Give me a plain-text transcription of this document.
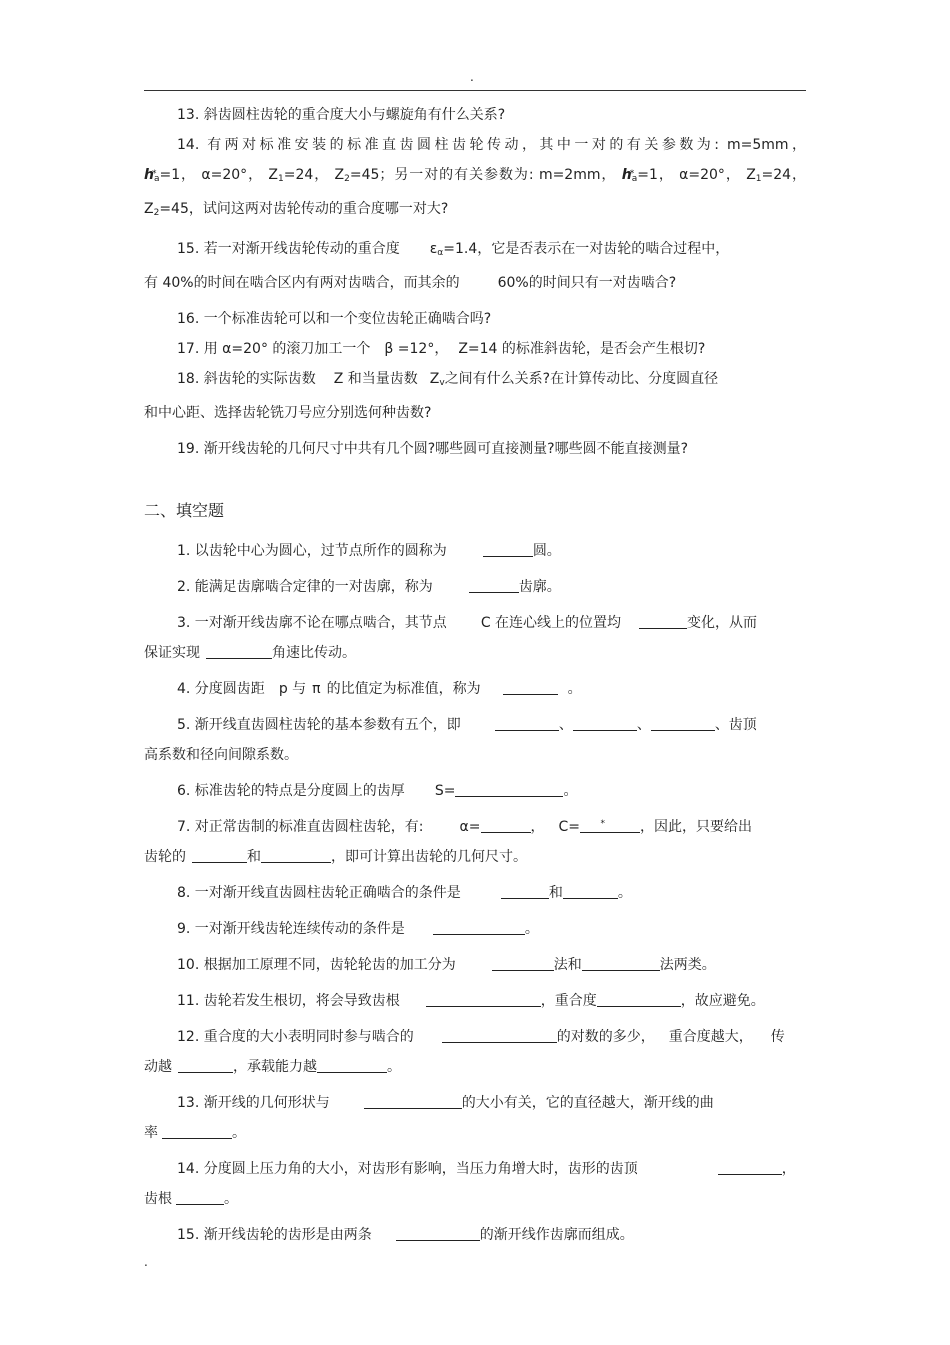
.

13. 斜齿圆柱齿轮的重合度大小与螺旋角有什么关系?

14. 有两对标准安装的标准直齿圆柱齿轮传动，其中一对的有关参数为: m=5mm，

h $*_a=1$， α=20°， $Z_1=24$， $Z_2=45$；另一对的有关参数为: m=2mm， h $*_a=1$， α=20°， $Z_1=24$，

$Z_2=45$，试问这两对齿轮传动的重合度哪一对大?

15. 若一对渐开线齿轮传动的重合度 $\varepsilon_\alpha=1.4$，它是否表示在一对齿轮的啮合过程中，

有 40%的时间在啮合区内有两对齿啮合，而其余的	60%的时间只有一对齿啮合?

16. 一个标准齿轮可以和一个变位齿轮正确啮合吗?

17. 用 α=20° 的滚刀加工一个 β =12°， Z=14 的标准斜齿轮，是否会产生根切?

18. 斜齿轮的实际齿数 Z 和当量齿数 $Z_v$之间有什么关系?在计算传动比、分度圆直径

和中心距、选择齿轮铣刀号应分别选何种齿数?

19. 渐开线齿轮的几何尺寸中共有几个圆?哪些圆可直接测量?哪些圆不能直接测量?

二、填空题

1. 以齿轮中心为圆心，过节点所作的圆称为	圆。

2. 能满足齿廓啮合定律的一对齿廓，称为	齿廓。

3. 一对渐开线齿廓不论在哪点啮合，其节点 C 在连心线上的位置均	变化，从而

保证实现	角速比传动。

4. 分度圆齿距 p 与 π 的比值定为标准值，称为	。

5. 渐开线直齿圆柱齿轮的基本参数有五个，即	、	、	、齿顶

高系数和径向间隙系数。

6. 标准齿轮的特点是分度圆上的齿厚 S=	。

7. 对正常齿制的标准直齿圆柱齿轮，有:	α=	， C *=	，因此，只要给出

齿轮的	和	，即可计算出齿轮的几何尺寸。

8. 一对渐开线直齿圆柱齿轮正确啮合的条件是	和	。

9. 一对渐开线齿轮连续传动的条件是	。

10. 根据加工原理不同，齿轮轮齿的加工分为	法和	法两类。

11. 齿轮若发生根切，将会导致齿根	，重合度	，故应避免。

12. 重合度的大小表明同时参与啮合的	的对数的多少， 重合度越大， 传

动越	，承载能力越	。

13. 渐开线的几何形状与	的大小有关，它的直径越大，渐开线的曲

率	。

14. 分度圆上压力角的大小，对齿形有影响，当压力角增大时，齿形的齿顶	，

齿根	。

15. 渐开线齿轮的齿形是由两条	的渐开线作齿廓而组成。

.
